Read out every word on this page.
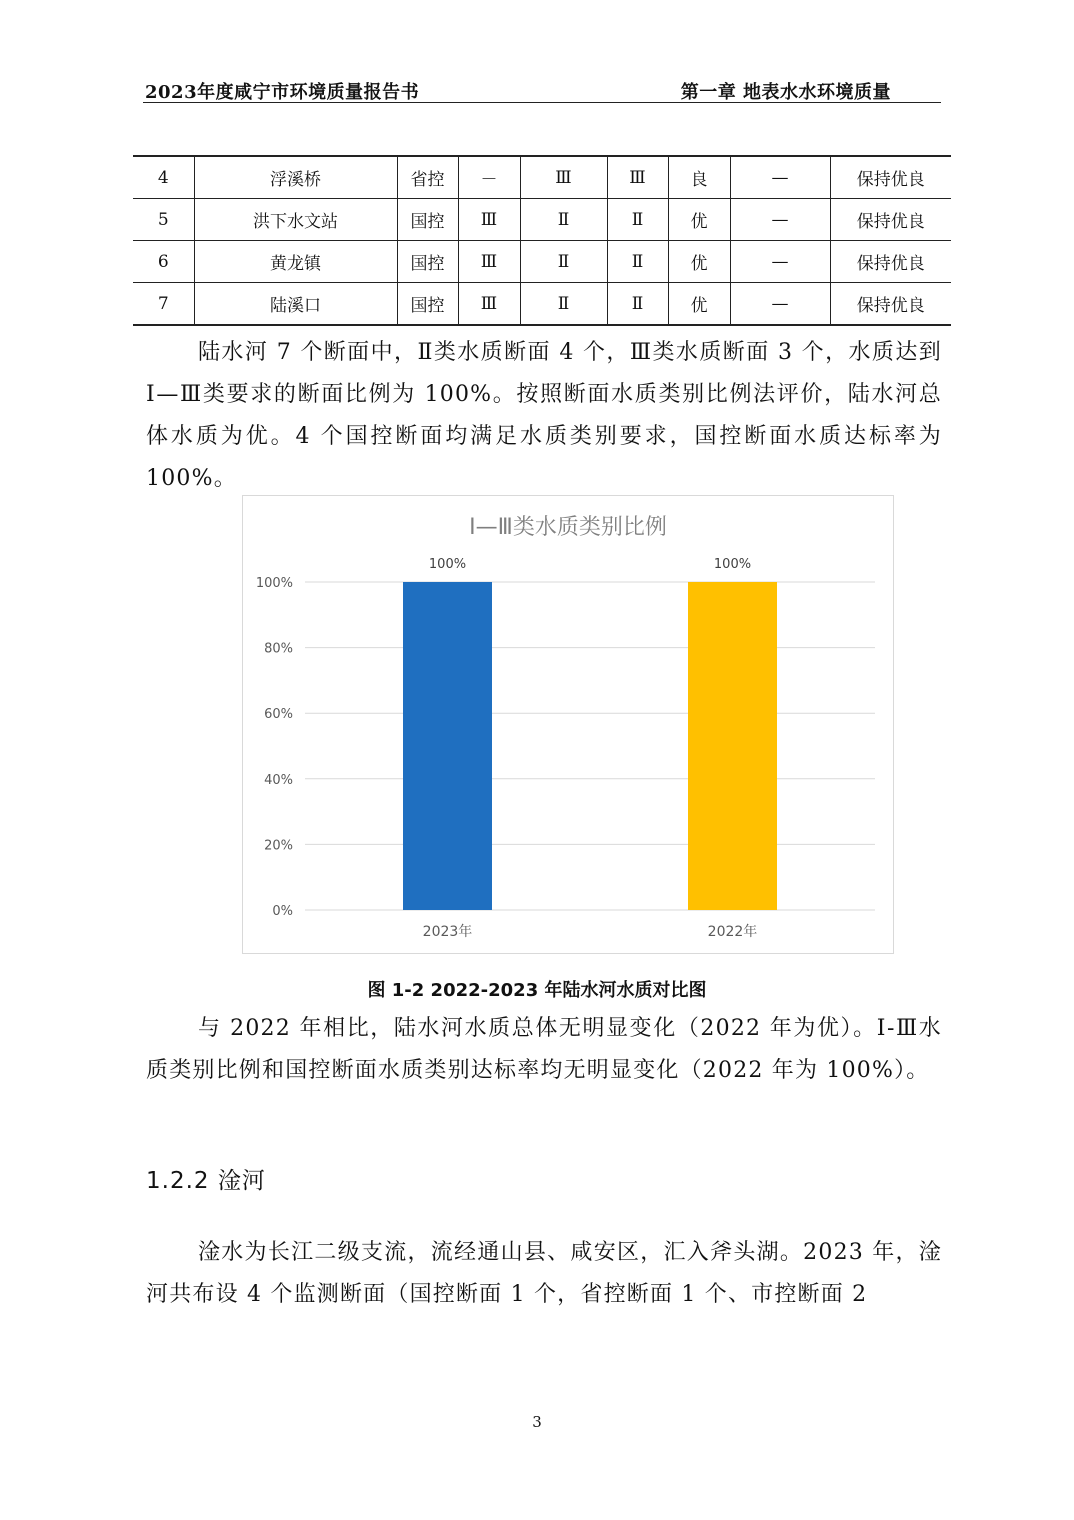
2023年度咸宁市环境质量报告书	第一章 地表水水环境质量
4	浮溪桥	省控	－	Ⅲ	Ⅲ	良	—	保持优良
5	洪下水文站	国控	Ⅲ	Ⅱ	Ⅱ	优	—	保持优良
6	黄龙镇	国控	Ⅲ	Ⅱ	Ⅱ	优	—	保持优良
7	陆溪口	国控	Ⅲ	Ⅱ	Ⅱ	优	—	保持优良

陆水河 7 个断面中，Ⅱ类水质断面 4 个，Ⅲ类水质断面 3 个，水质达到Ⅰ—Ⅲ类要求的断面比例为 100%。按照断面水质类别比例法评价，陆水河总体水质为优。4 个国控断面均满足水质类别要求，国控断面水质达标率为 100%。

Ⅰ—Ⅲ类水质类别比例
0%
20%
40%
60%
80%
100%
100%
2023年
100%
2022年
图 1-2 2022-2023 年陆水河水质对比图

与 2022 年相比，陆水河水质总体无明显变化（2022 年为优）。Ⅰ-Ⅲ水质类别比例和国控断面水质类别达标率均无明显变化（2022 年为 100%）。

1.2.2 淦河

淦水为长江二级支流，流经通山县、咸安区，汇入斧头湖。2023 年，淦河共布设 4 个监测断面（国控断面 1 个，省控断面 1 个、市控断面 2

3
